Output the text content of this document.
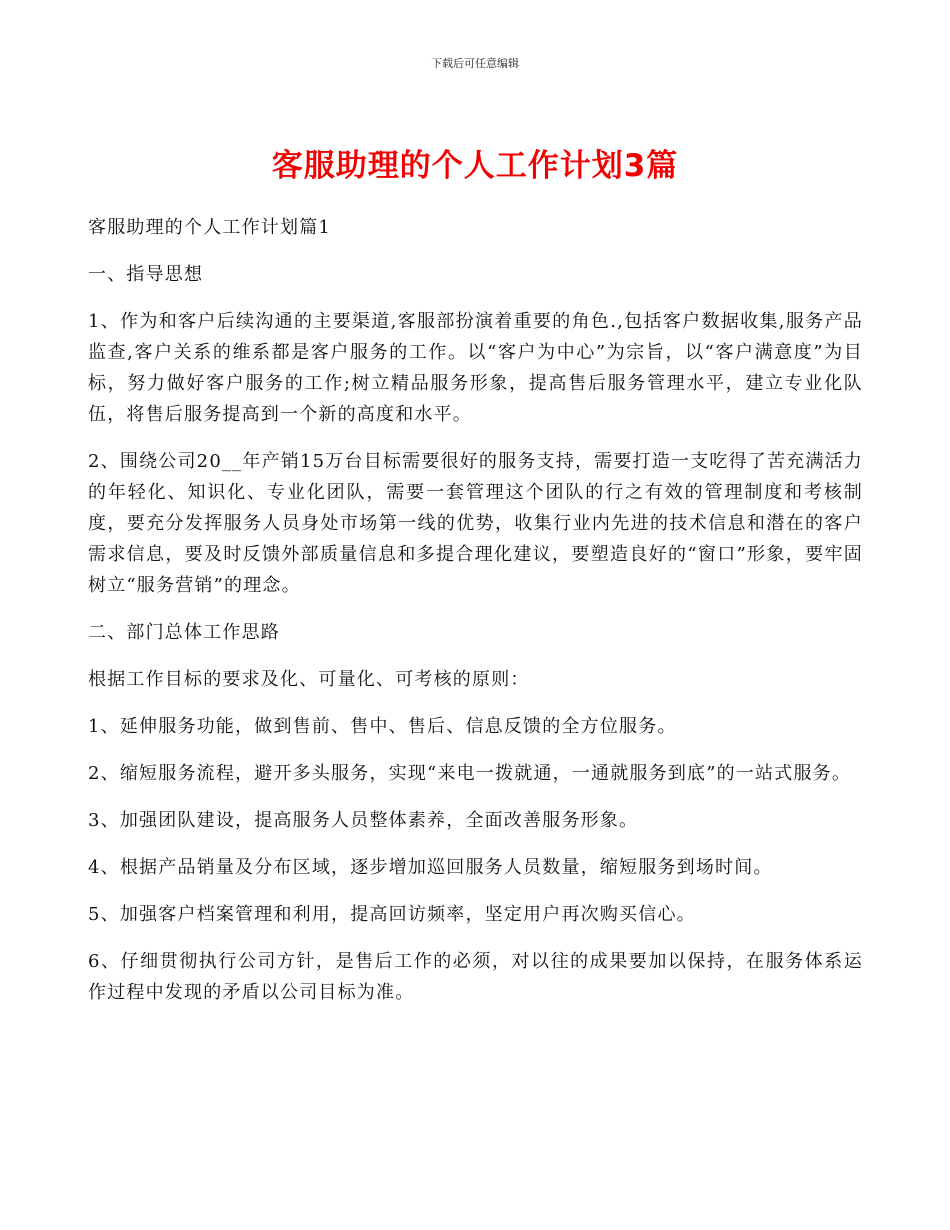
下载后可任意编辑
客服助理的个人工作计划3篇

客服助理的个人工作计划篇1

一、指导思想

1、作为和客户后续沟通的主要渠道,客服部扮演着重要的角色.,包括客户数据收集,服务产品监查,客户关系的维系都是客户服务的工作。以“客户为中心”为宗旨，以“客户满意度”为目标，努力做好客户服务的工作;树立精品服务形象，提高售后服务管理水平，建立专业化队伍，将售后服务提高到一个新的高度和水平。

2、围绕公司20__年产销15万台目标需要很好的服务支持，需要打造一支吃得了苦充满活力的年轻化、知识化、专业化团队，需要一套管理这个团队的行之有效的管理制度和考核制度，要充分发挥服务人员身处市场第一线的优势，收集行业内先进的技术信息和潜在的客户需求信息，要及时反馈外部质量信息和多提合理化建议，要塑造良好的“窗口”形象，要牢固树立“服务营销”的理念。

二、部门总体工作思路

根据工作目标的要求及化、可量化、可考核的原则：

1、延伸服务功能，做到售前、售中、售后、信息反馈的全方位服务。

2、缩短服务流程，避开多头服务，实现“来电一拨就通，一通就服务到底”的一站式服务。

3、加强团队建设，提高服务人员整体素养，全面改善服务形象。

4、根据产品销量及分布区域，逐步增加巡回服务人员数量，缩短服务到场时间。

5、加强客户档案管理和利用，提高回访频率，坚定用户再次购买信心。

6、仔细贯彻执行公司方针，是售后工作的必须，对以往的成果要加以保持，在服务体系运作过程中发现的矛盾以公司目标为准。
